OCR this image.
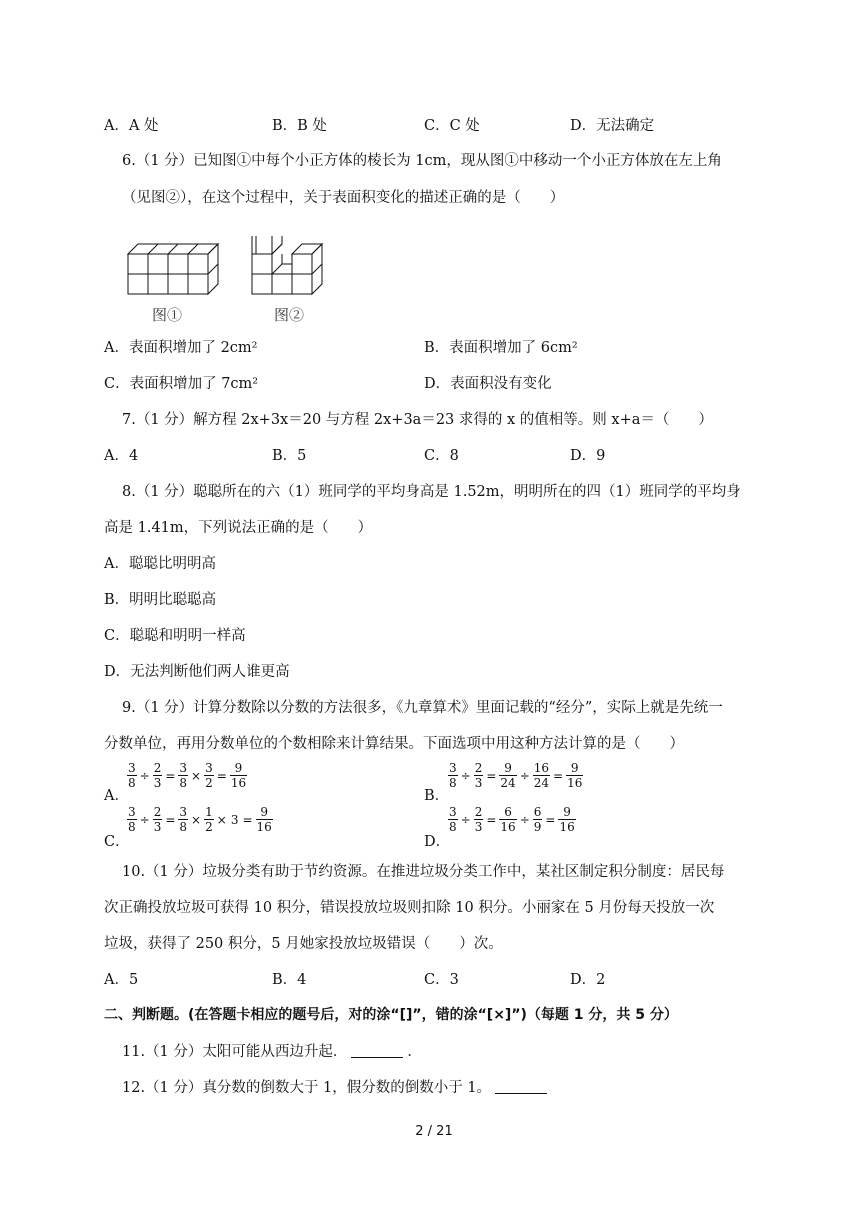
A．A 处	B．B 处	C．C 处	D．无法确定
6.（1 分）已知图①中每个小正方体的棱长为 1cm，现从图①中移动一个小正方体放在左上角
（见图②），在这个过程中，关于表面积变化的描述正确的是（　　）
图①	图②
A．表面积增加了 2cm²	B．表面积增加了 6cm²
C．表面积增加了 7cm²	D．表面积没有变化
7.（1 分）解方程 2x+3x＝20 与方程 2x+3a＝23 求得的 x 的值相等。则 x+a＝（　　）
A．4	B．5	C．8	D．9
8.（1 分）聪聪所在的六（1）班同学的平均身高是 1.52m，明明所在的四（1）班同学的平均身
高是 1.41m，下列说法正确的是（　　）
A．聪聪比明明高
B．明明比聪聪高
C．聪聪和明明一样高
D．无法判断他们两人谁更高
9.（1 分）计算分数除以分数的方法很多，《九章算术》里面记载的“经分”，实际上就是先统一
分数单位，再用分数单位的个数相除来计算结果。下面选项中用这种方法计算的是（　　）
A．
$\frac{3}{8} \div \frac{2}{3} = \frac{3}{8} \times \frac{3}{2} = \frac{9}{16}$
B．
$\frac{3}{8} \div \frac{2}{3} = \frac{9}{24} \div \frac{16}{24} = \frac{9}{16}$
C．
$\frac{3}{8} \div \frac{2}{3} = \frac{3}{8} \times \frac{1}{2} \times 3 = \frac{9}{16}$
D．
$\frac{3}{8} \div \frac{2}{3} = \frac{6}{16} \div \frac{6}{9} = \frac{9}{16}$
10.（1 分）垃圾分类有助于节约资源。在推进垃圾分类工作中，某社区制定积分制度：居民每
次正确投放垃圾可获得 10 积分，错误投放垃圾则扣除 10 积分。小丽家在 5 月份每天投放一次
垃圾，获得了 250 积分，5 月她家投放垃圾错误（　　）次。
A．5	B．4	C．3	D．2
二、判断题。(在答题卡相应的题号后，对的涂“[]”，错的涂“[×]”)（每题 1 分，共 5 分）
11.（1 分）太阳可能从西边升起．	．
12.（1 分）真分数的倒数大于 1，假分数的倒数小于 1。
2 / 21
